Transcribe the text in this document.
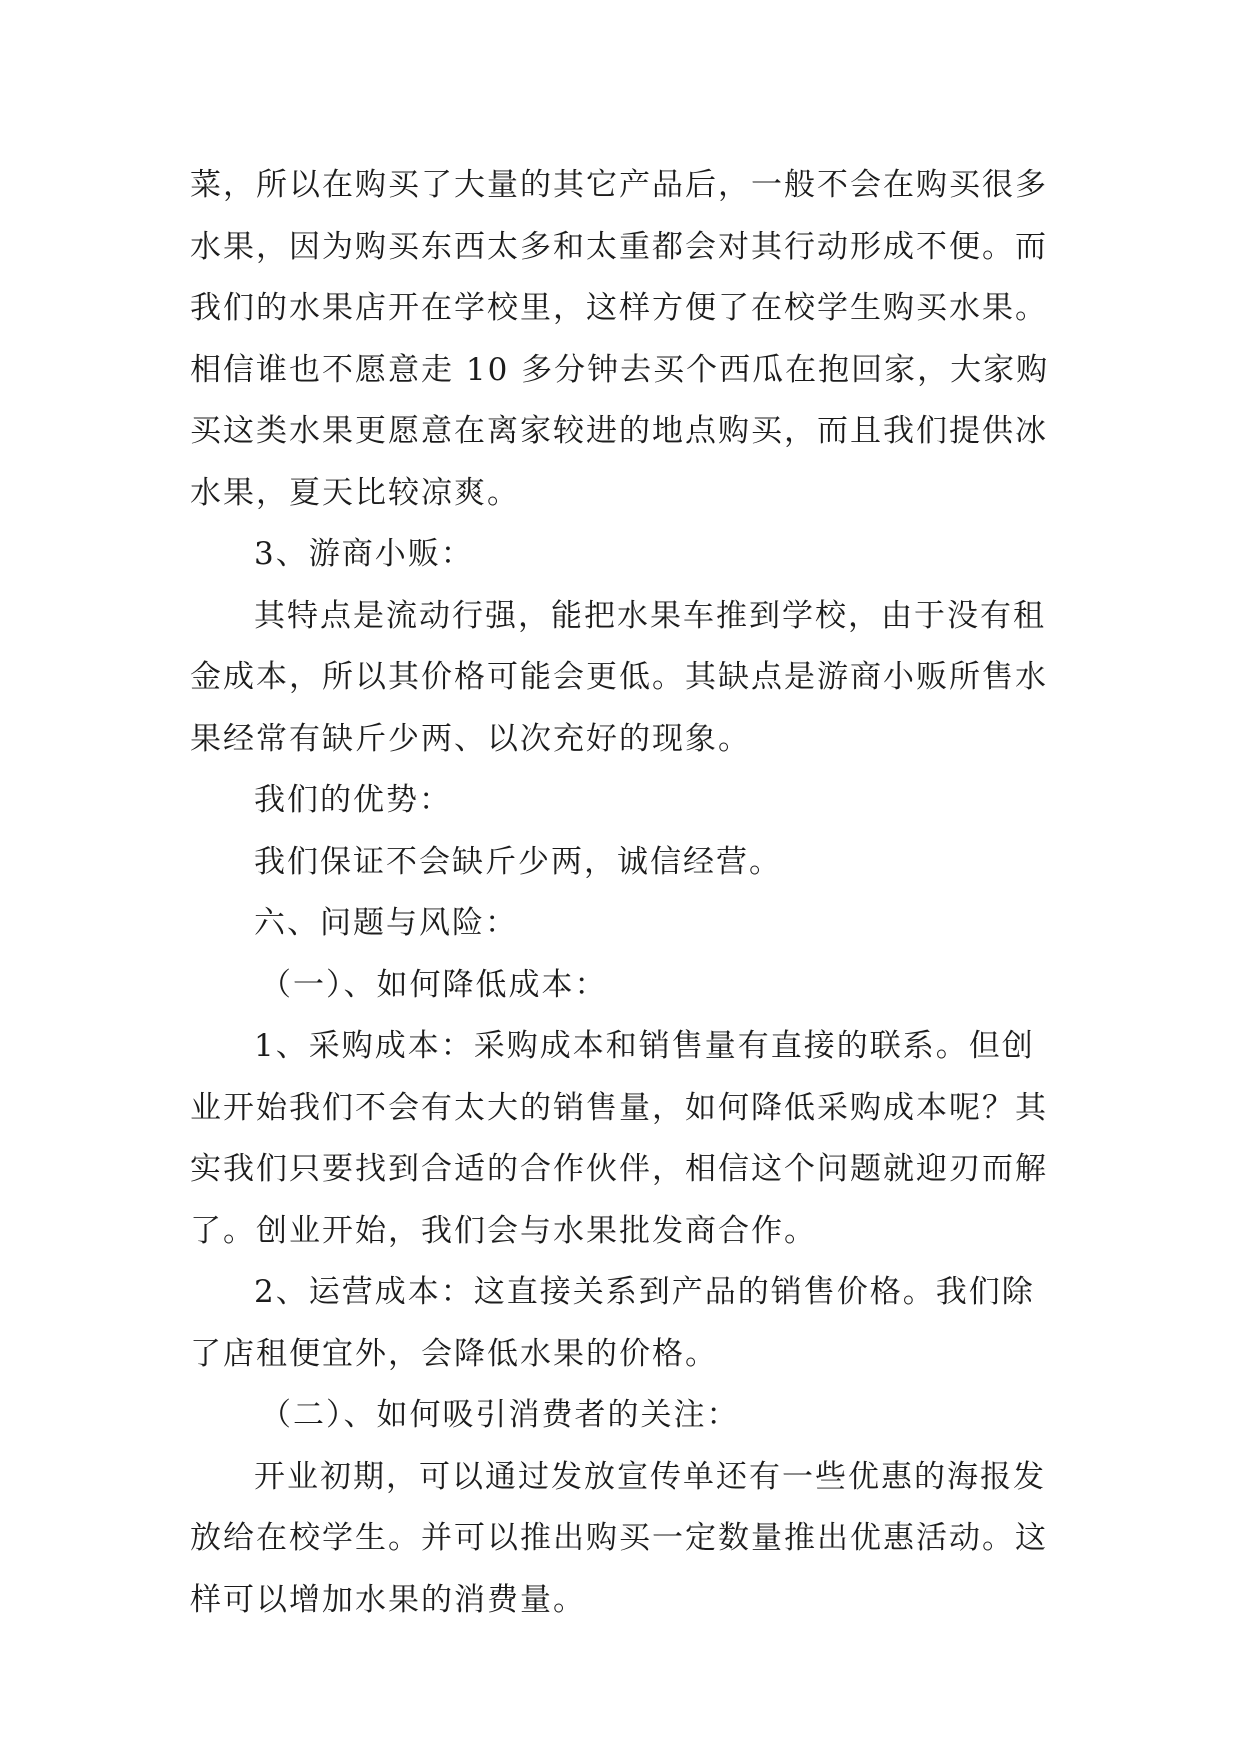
菜，所以在购买了大量的其它产品后，一般不会在购买很多
水果，因为购买东西太多和太重都会对其行动形成不便。而
我们的水果店开在学校里，这样方便了在校学生购买水果。
相信谁也不愿意走 10 多分钟去买个西瓜在抱回家，大家购
买这类水果更愿意在离家较进的地点购买，而且我们提供冰
水果，夏天比较凉爽。
3、游商小贩：
其特点是流动行强，能把水果车推到学校，由于没有租
金成本，所以其价格可能会更低。其缺点是游商小贩所售水
果经常有缺斤少两、以次充好的现象。
我们的优势：
我们保证不会缺斤少两，诚信经营。
六、问题与风险：
（一）、如何降低成本：
1、采购成本：采购成本和销售量有直接的联系。但创
业开始我们不会有太大的销售量，如何降低采购成本呢？其
实我们只要找到合适的合作伙伴，相信这个问题就迎刃而解
了。创业开始，我们会与水果批发商合作。
2、运营成本：这直接关系到产品的销售价格。我们除
了店租便宜外，会降低水果的价格。
（二）、如何吸引消费者的关注：
开业初期，可以通过发放宣传单还有一些优惠的海报发
放给在校学生。并可以推出购买一定数量推出优惠活动。这
样可以增加水果的消费量。
